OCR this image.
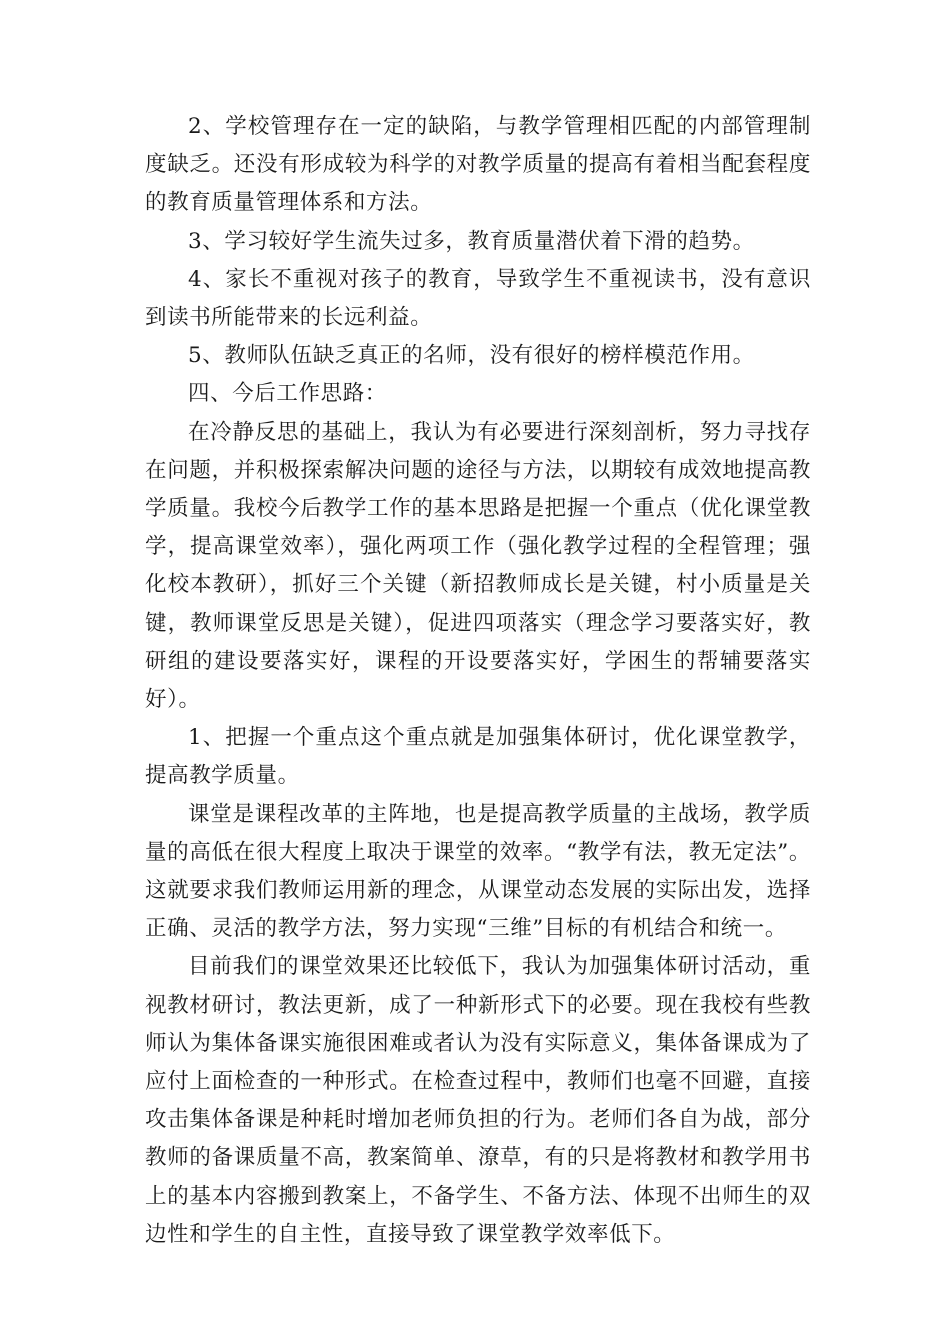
2、学校管理存在一定的缺陷，与教学管理相匹配的内部管理制度缺乏。还没有形成较为科学的对教学质量的提高有着相当配套程度的教育质量管理体系和方法。

3、学习较好学生流失过多，教育质量潜伏着下滑的趋势。

4、家长不重视对孩子的教育，导致学生不重视读书，没有意识到读书所能带来的长远利益。

5、教师队伍缺乏真正的名师，没有很好的榜样模范作用。

四、今后工作思路：

在冷静反思的基础上，我认为有必要进行深刻剖析，努力寻找存在问题，并积极探索解决问题的途径与方法，以期较有成效地提高教学质量。我校今后教学工作的基本思路是把握一个重点（优化课堂教学，提高课堂效率），强化两项工作（强化教学过程的全程管理；强化校本教研），抓好三个关键（新招教师成长是关键，村小质量是关键，教师课堂反思是关键），促进四项落实（理念学习要落实好，教研组的建设要落实好，课程的开设要落实好，学困生的帮辅要落实好）。

1、把握一个重点这个重点就是加强集体研讨，优化课堂教学，提高教学质量。

课堂是课程改革的主阵地，也是提高教学质量的主战场，教学质量的高低在很大程度上取决于课堂的效率。“教学有法，教无定法”。这就要求我们教师运用新的理念，从课堂动态发展的实际出发，选择正确、灵活的教学方法，努力实现“三维”目标的有机结合和统一。

目前我们的课堂效果还比较低下，我认为加强集体研讨活动，重视教材研讨，教法更新，成了一种新形式下的必要。现在我校有些教师认为集体备课实施很困难或者认为没有实际意义，集体备课成为了应付上面检查的一种形式。在检查过程中，教师们也毫不回避，直接攻击集体备课是种耗时增加老师负担的行为。老师们各自为战，部分教师的备课质量不高，教案简单、潦草，有的只是将教材和教学用书上的基本内容搬到教案上，不备学生、不备方法、体现不出师生的双边性和学生的自主性，直接导致了课堂教学效率低下。
